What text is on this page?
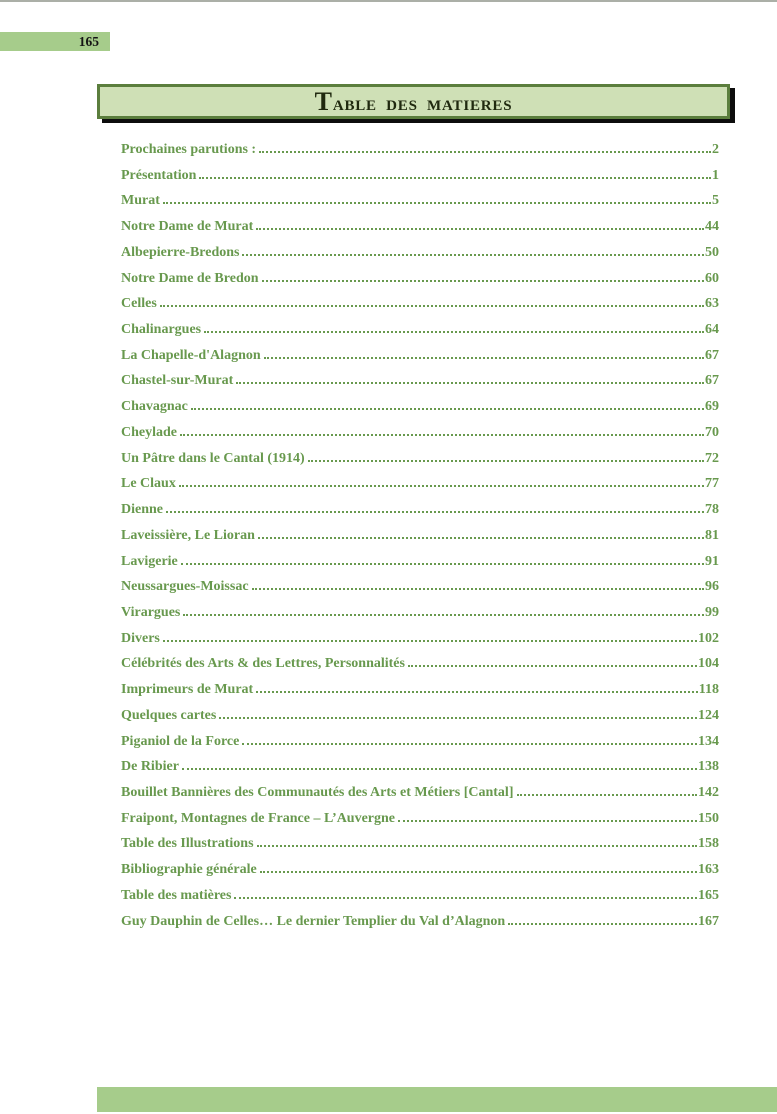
165
Table des matieres
Prochaines parutions :	2
Présentation	1
Murat	5
Notre Dame de Murat	44
Albepierre-Bredons	50
Notre Dame de Bredon	60
Celles	63
Chalinargues	64
La Chapelle-d'Alagnon	67
Chastel-sur-Murat	67
Chavagnac	69
Cheylade	70
Un Pâtre dans le Cantal (1914)	72
Le Claux	77
Dienne	78
Laveissière, Le Lioran	81
Lavigerie	91
Neussargues-Moissac	96
Virargues	99
Divers	102
Célébrités des Arts & des Lettres, Personnalités	104
Imprimeurs de Murat	118
Quelques cartes	124
Piganiol de la Force	134
De Ribier	138
Bouillet Bannières des Communautés des Arts et Métiers [Cantal]	142
Fraipont, Montagnes de France – L’Auvergne	150
Table des Illustrations	158
Bibliographie générale	163
Table des matières	165
Guy Dauphin de Celles… Le dernier Templier du Val d’Alagnon	167
